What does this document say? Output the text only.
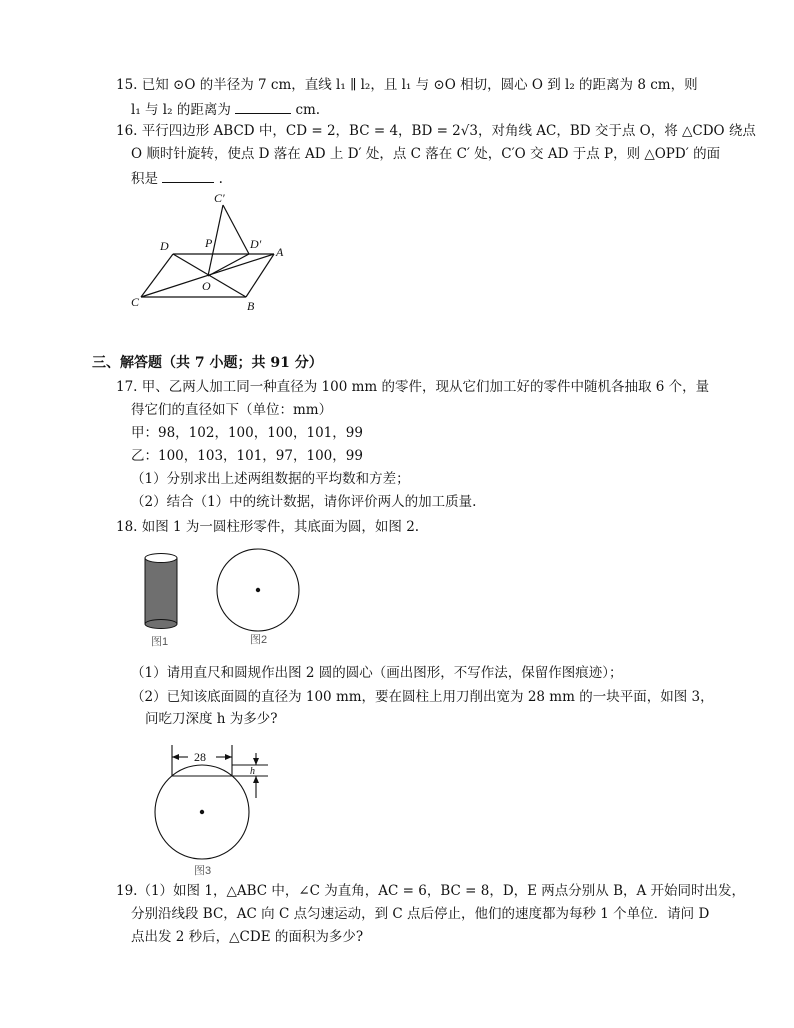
15. 已知 ⊙O 的半径为 7 cm，直线 l₁ ∥ l₂，且 l₁ 与 ⊙O 相切，圆心 O 到 l₂ 的距离为 8 cm，则
l₁ 与 l₂ 的距离为	cm.
16. 平行四边形 ABCD 中，CD = 2，BC = 4，BD = 2√3，对角线 AC，BD 交于点 O，将 △CDO 绕点
O 顺时针旋转，使点 D 落在 AD 上 D′ 处，点 C 落在 C′ 处，C′O 交 AD 于点 P，则 △OPD′ 的面
积是	.
C′
D	P	D′
A
O
C	B
三、解答题（共 7 小题；共 91 分）
17. 甲、乙两人加工同一种直径为 100 mm 的零件，现从它们加工好的零件中随机各抽取 6 个，量
得它们的直径如下（单位：mm）
甲：98，102，100，100，101，99
乙：100，103，101，97，100，99
（1）分别求出上述两组数据的平均数和方差；
（2）结合（1）中的统计数据，请你评价两人的加工质量.
18. 如图 1 为一圆柱形零件，其底面为圆，如图 2.
图1	图2
（1）请用直尺和圆规作出图 2 圆的圆心（画出图形，不写作法，保留作图痕迹）；
（2）已知该底面圆的直径为 100 mm，要在圆柱上用刀削出宽为 28 mm 的一块平面，如图 3，
问吃刀深度 h 为多少?
28
h
图3
19.（1）如图 1，△ABC 中，∠C 为直角，AC = 6，BC = 8，D，E 两点分别从 B，A 开始同时出发，
分别沿线段 BC，AC 向 C 点匀速运动，到 C 点后停止，他们的速度都为每秒 1 个单位．请问 D
点出发 2 秒后，△CDE 的面积为多少?
